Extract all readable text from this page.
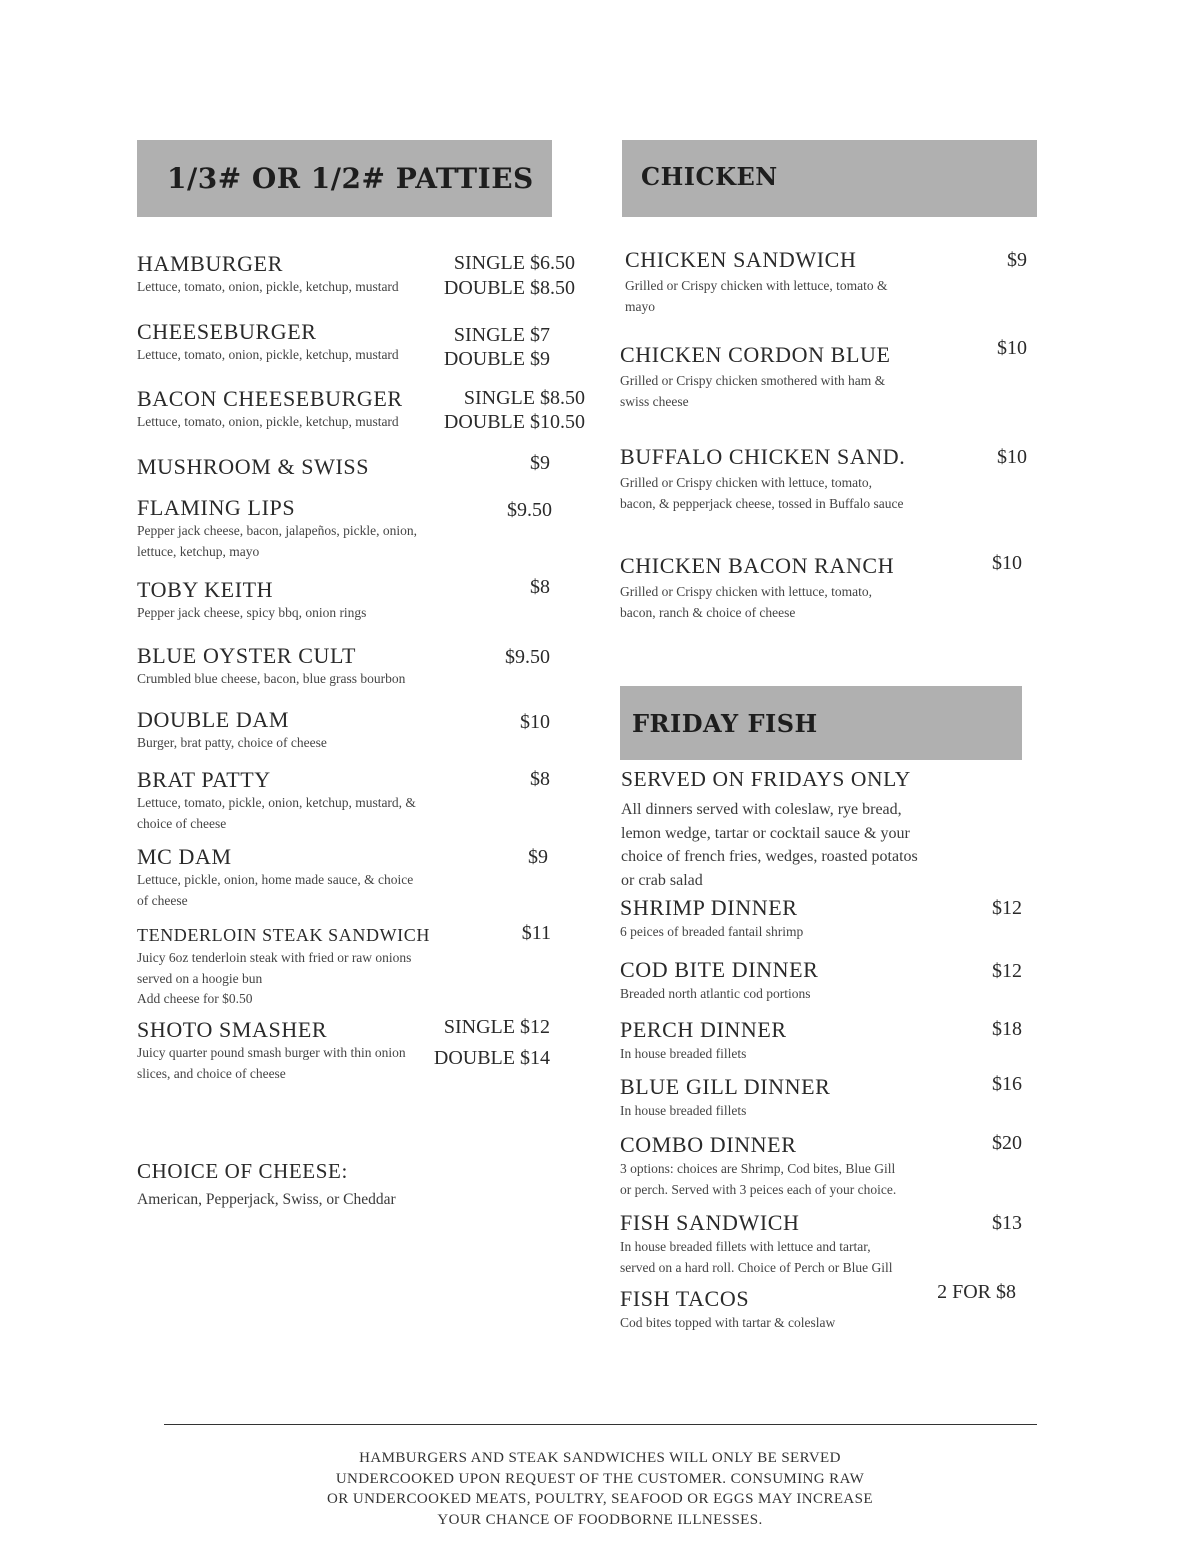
1/3# OR 1/2# PATTIES	CHICKEN
FRIDAY FISH
HAMBURGER
Lettuce, tomato, onion, pickle, ketchup, mustard
SINGLE $6.50
DOUBLE $8.50
CHEESEBURGER
Lettuce, tomato, onion, pickle, ketchup, mustard
SINGLE $7
DOUBLE $9
BACON CHEESEBURGER
Lettuce, tomato, onion, pickle, ketchup, mustard
SINGLE $8.50
DOUBLE $10.50
MUSHROOM & SWISS	$9
FLAMING LIPS
Pepper jack cheese, bacon, jalapeños, pickle, onion,
lettuce, ketchup, mayo
$9.50
TOBY KEITH
Pepper jack cheese, spicy bbq, onion rings
$8
BLUE OYSTER CULT
Crumbled blue cheese, bacon, blue grass bourbon
$9.50
DOUBLE DAM
Burger, brat patty, choice of cheese
$10
BRAT PATTY
Lettuce, tomato, pickle, onion, ketchup, mustard, &
choice of cheese
$8
MC DAM
Lettuce, pickle, onion, home made sauce, & choice
of cheese
$9
TENDERLOIN STEAK SANDWICH
Juicy 6oz tenderloin steak with fried or raw onions
served on a hoogie bun
Add cheese for $0.50
$11
SHOTO SMASHER
Juicy quarter pound smash burger with thin onion
slices, and choice of cheese
SINGLE $12
DOUBLE $14
CHICKEN SANDWICH
Grilled or Crispy chicken with lettuce, tomato &
mayo
$9
CHICKEN CORDON BLUE
Grilled or Crispy chicken smothered with ham &
swiss cheese
$10
BUFFALO CHICKEN SAND.
Grilled or Crispy chicken with lettuce, tomato,
bacon, & pepperjack cheese, tossed in Buffalo sauce
$10
CHICKEN BACON RANCH
Grilled or Crispy chicken with lettuce, tomato,
bacon, ranch & choice of cheese
$10
SERVED ON FRIDAYS ONLY
All dinners served with coleslaw, rye bread,
lemon wedge, tartar or cocktail sauce & your
choice of french fries, wedges, roasted potatos
or crab salad
SHRIMP DINNER
6 peices of breaded fantail shrimp
$12
COD BITE DINNER
Breaded north atlantic cod portions
$12
PERCH DINNER
In house breaded fillets
$18
BLUE GILL DINNER
In house breaded fillets
$16
COMBO DINNER
3 options: choices are Shrimp, Cod bites, Blue Gill
or perch. Served with 3 peices each of your choice.
$20
FISH SANDWICH
In house breaded fillets with lettuce and tartar,
served on a hard roll. Choice of Perch or Blue Gill
$13
FISH TACOS
Cod bites topped with tartar & coleslaw
2 FOR $8
CHOICE OF CHEESE:
American, Pepperjack, Swiss, or Cheddar
HAMBURGERS AND STEAK SANDWICHES WILL ONLY BE SERVED
UNDERCOOKED UPON REQUEST OF THE CUSTOMER. CONSUMING RAW
OR UNDERCOOKED MEATS, POULTRY, SEAFOOD OR EGGS MAY INCREASE
YOUR CHANCE OF FOODBORNE ILLNESSES.
